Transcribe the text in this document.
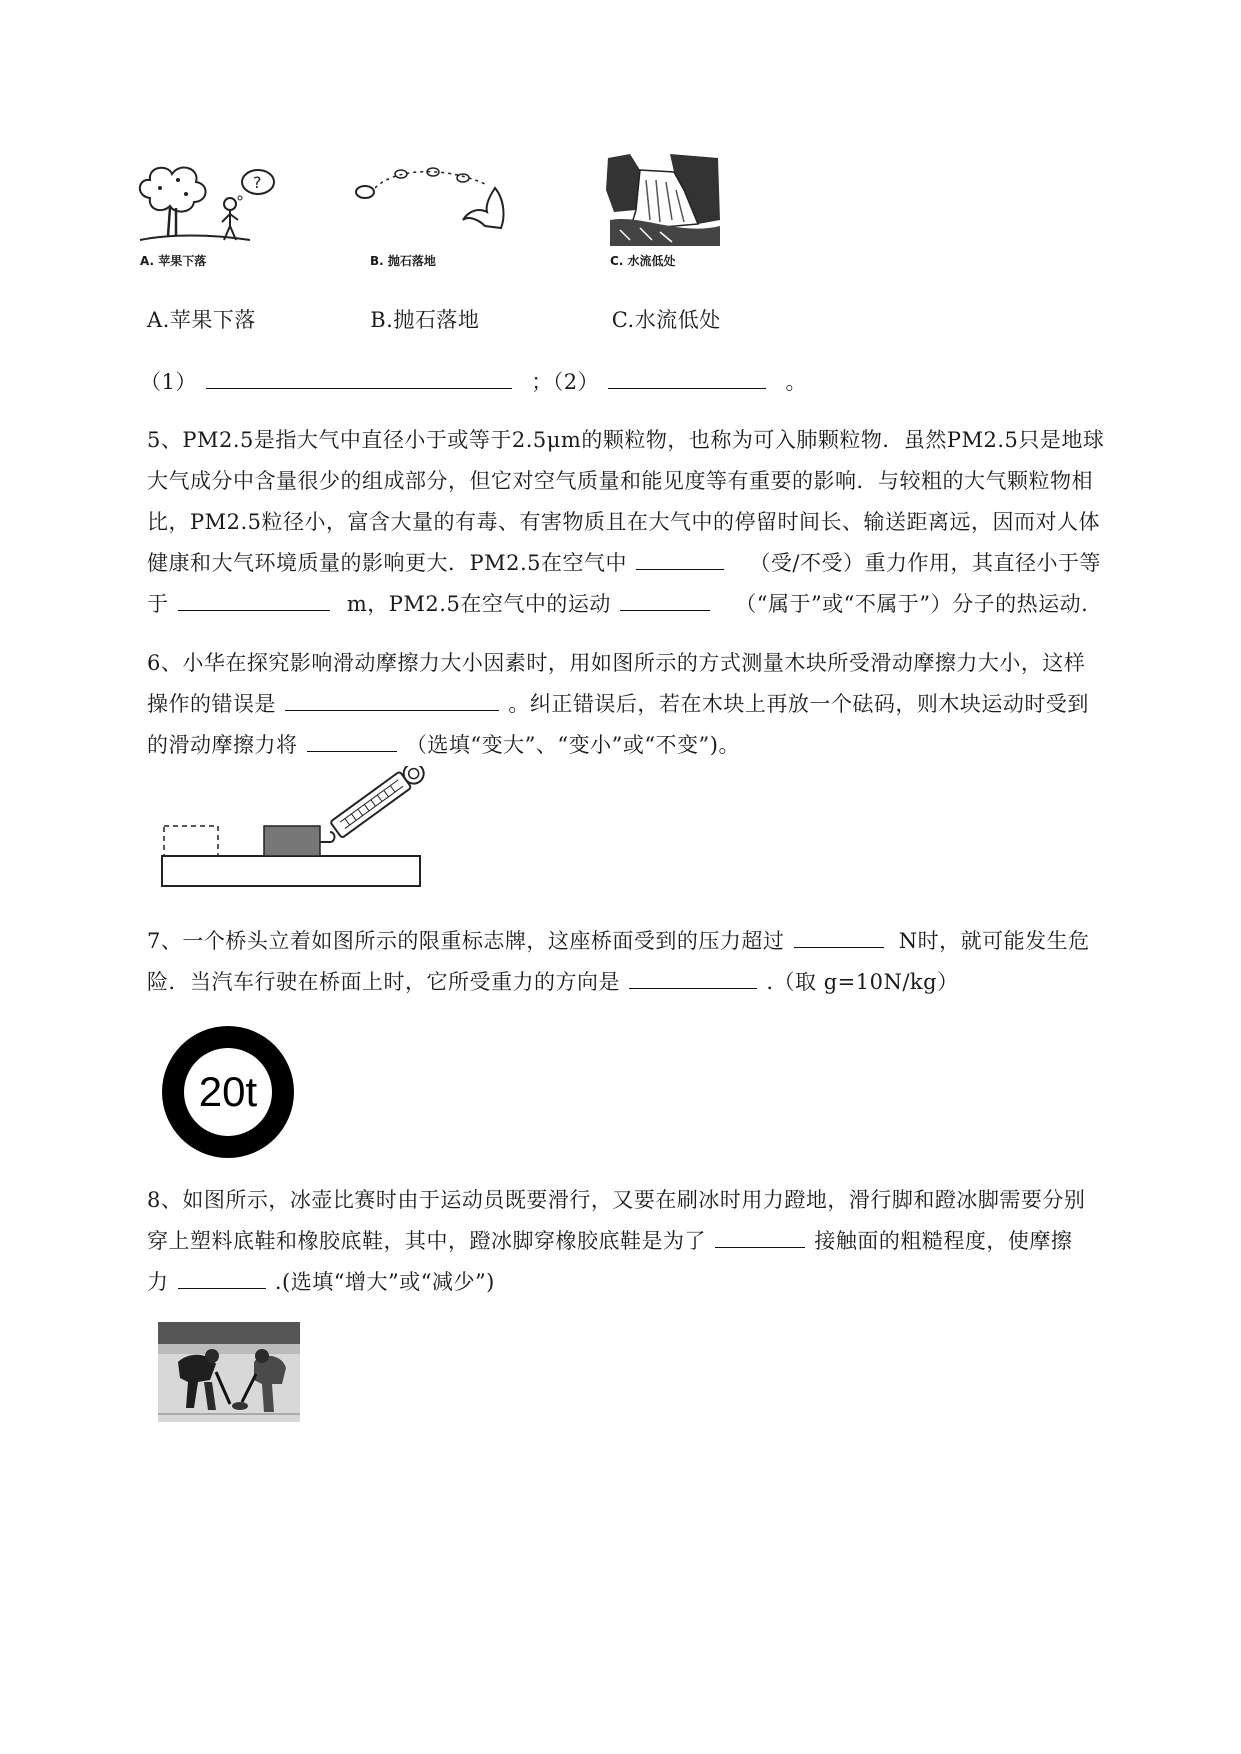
?
A. 苹果下落	B. 抛石落地	C. 水流低处
A.苹果下落	B.抛石落地	C.水流低处
（1）	；（2）	。
5、PM2.5是指大气中直径小于或等于2.5μm的颗粒物，也称为可入肺颗粒物．虽然PM2.5只是地球
大气成分中含量很少的组成部分，但它对空气质量和能见度等有重要的影响．与较粗的大气颗粒物相
比，PM2.5粒径小，富含大量的有毒、有害物质且在大气中的停留时间长、输送距离远，因而对人体
健康和大气环境质量的影响更大．PM2.5在空气中	（受/不受）重力作用，其直径小于等
于	m，PM2.5在空气中的运动	（“属于”或“不属于”）分子的热运动.
6、小华在探究影响滑动摩擦力大小因素时，用如图所示的方式测量木块所受滑动摩擦力大小，这样
操作的错误是	。纠正错误后，若在木块上再放一个砝码，则木块运动时受到
的滑动摩擦力将	（选填“变大”、“变小”或“不变”)。
7、一个桥头立着如图所示的限重标志牌，这座桥面受到的压力超过	N时，就可能发生危
险．当汽车行驶在桥面上时，它所受重力的方向是	.（取 g=10N/kg）
20t
8、如图所示，冰壶比赛时由于运动员既要滑行，又要在刷冰时用力蹬地，滑行脚和蹬冰脚需要分别
穿上塑料底鞋和橡胶底鞋，其中，蹬冰脚穿橡胶底鞋是为了	接触面的粗糙程度，使摩擦
力	.(选填“增大”或“减少”)
